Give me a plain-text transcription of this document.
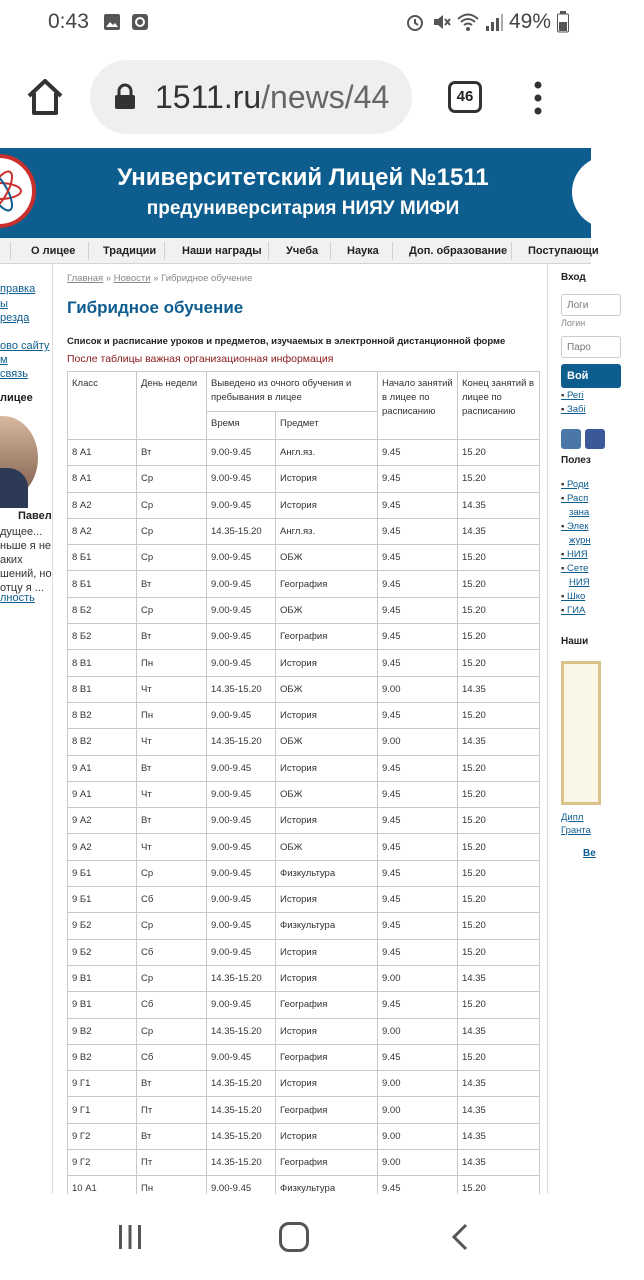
0:43	49%
1511.ru/news/44	46
Университетский Лицей №1511
предуниверситария НИЯУ МИФИ
О лицее	Традиции Наши награды Учеба	Наука	Доп. образование Поступающи
правка
ы
резда
ово сайту
м
связь
лицее
Павел
дущее...
ньше я не
аких
шений, но
отцу я ...
лность
Главная » Новости » Гибридное обучение
Гибридное обучение
Список и расписание уроков и предметов, изучаемых в электронной дистанционной форме
После таблицы важная организационная информация
Класс	День недели	Выведено из очного обучения и пребывания в лицее		Начало занятий в лицее по расписанию	Конец занятий в лицее по расписанию
		Время	Предмет		
8 А1	Вт	9.00-9.45	Англ.яз.	9.45	15.20
8 А1	Ср	9.00-9.45	История	9.45	15.20
8 А2	Ср	9.00-9.45	История	9.45	14.35
8 А2	Ср	14.35-15.20	Англ.яз.	9.45	14.35
8 Б1	Ср	9.00-9.45	ОБЖ	9.45	15.20
8 Б1	Вт	9.00-9.45	География	9.45	15.20
8 Б2	Ср	9.00-9.45	ОБЖ	9.45	15.20
8 Б2	Вт	9.00-9.45	География	9.45	15.20
8 В1	Пн	9.00-9.45	История	9.45	15.20
8 В1	Чт	14.35-15.20	ОБЖ	9.00	14.35
8 В2	Пн	9.00-9.45	История	9.45	15.20
8 В2	Чт	14.35-15.20	ОБЖ	9.00	14.35
9 А1	Вт	9.00-9.45	История	9.45	15.20
9 А1	Чт	9.00-9.45	ОБЖ	9.45	15.20
9 А2	Вт	9.00-9.45	История	9.45	15.20
9 А2	Чт	9.00-9.45	ОБЖ	9.45	15.20
9 Б1	Ср	9.00-9.45	Физкультура	9.45	15.20
9 Б1	Сб	9.00-9.45	История	9.45	15.20
9 Б2	Ср	9.00-9.45	Физкультура	9.45	15.20
9 Б2	Сб	9.00-9.45	История	9.45	15.20
9 В1	Ср	14.35-15.20	История	9.00	14.35
9 В1	Сб	9.00-9.45	География	9.45	15.20
9 В2	Ср	14.35-15.20	История	9.00	14.35
9 В2	Сб	9.00-9.45	География	9.45	15.20
9 Г1	Вт	14.35-15.20	История	9.00	14.35
9 Г1	Пт	14.35-15.20	География	9.00	14.35
9 Г2	Вт	14.35-15.20	История	9.00	14.35
9 Г2	Пт	14.35-15.20	География	9.00	14.35
10 А1	Пн	9.00-9.45	Физкультура	9.45	15.20
Вход
Логи
Логин
Паро
Вой
▪ Регі
▪ Забі
Полез
▪ Роди
▪ Расп
зана
▪ Элек
журн
▪ НИЯ
▪ Сете
НИЯ
▪ Шко
▪ ГИА
Наши
Дипл
Гранта
Ве
